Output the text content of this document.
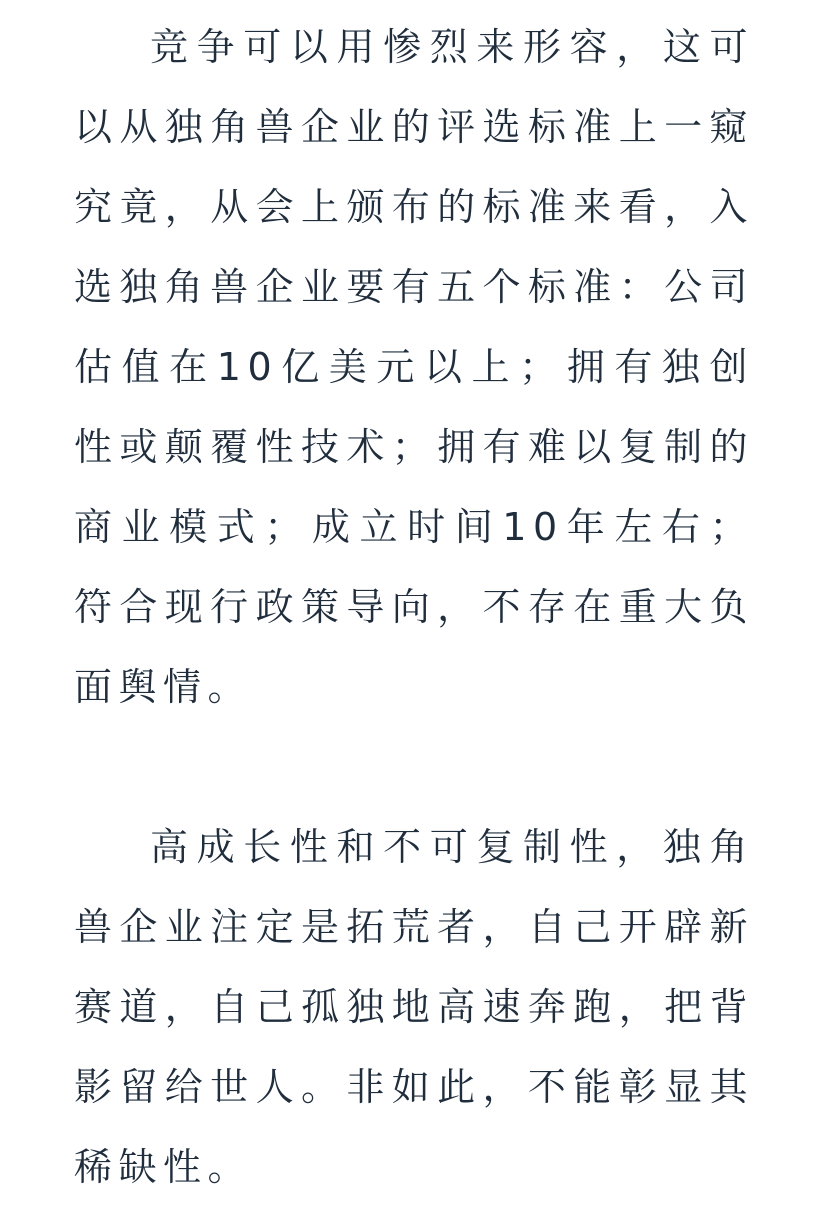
竞争可以用惨烈来形容，这可以从独角兽企业的评选标准上一窥究竟，从会上颁布的标准来看，入选独角兽企业要有五个标准：公司估值在10亿美元以上；拥有独创性或颠覆性技术；拥有难以复制的商业模式；成立时间10年左右；符合现行政策导向，不存在重大负面舆情。

高成长性和不可复制性，独角兽企业注定是拓荒者，自己开辟新赛道，自己孤独地高速奔跑，把背影留给世人。非如此，不能彰显其稀缺性。
